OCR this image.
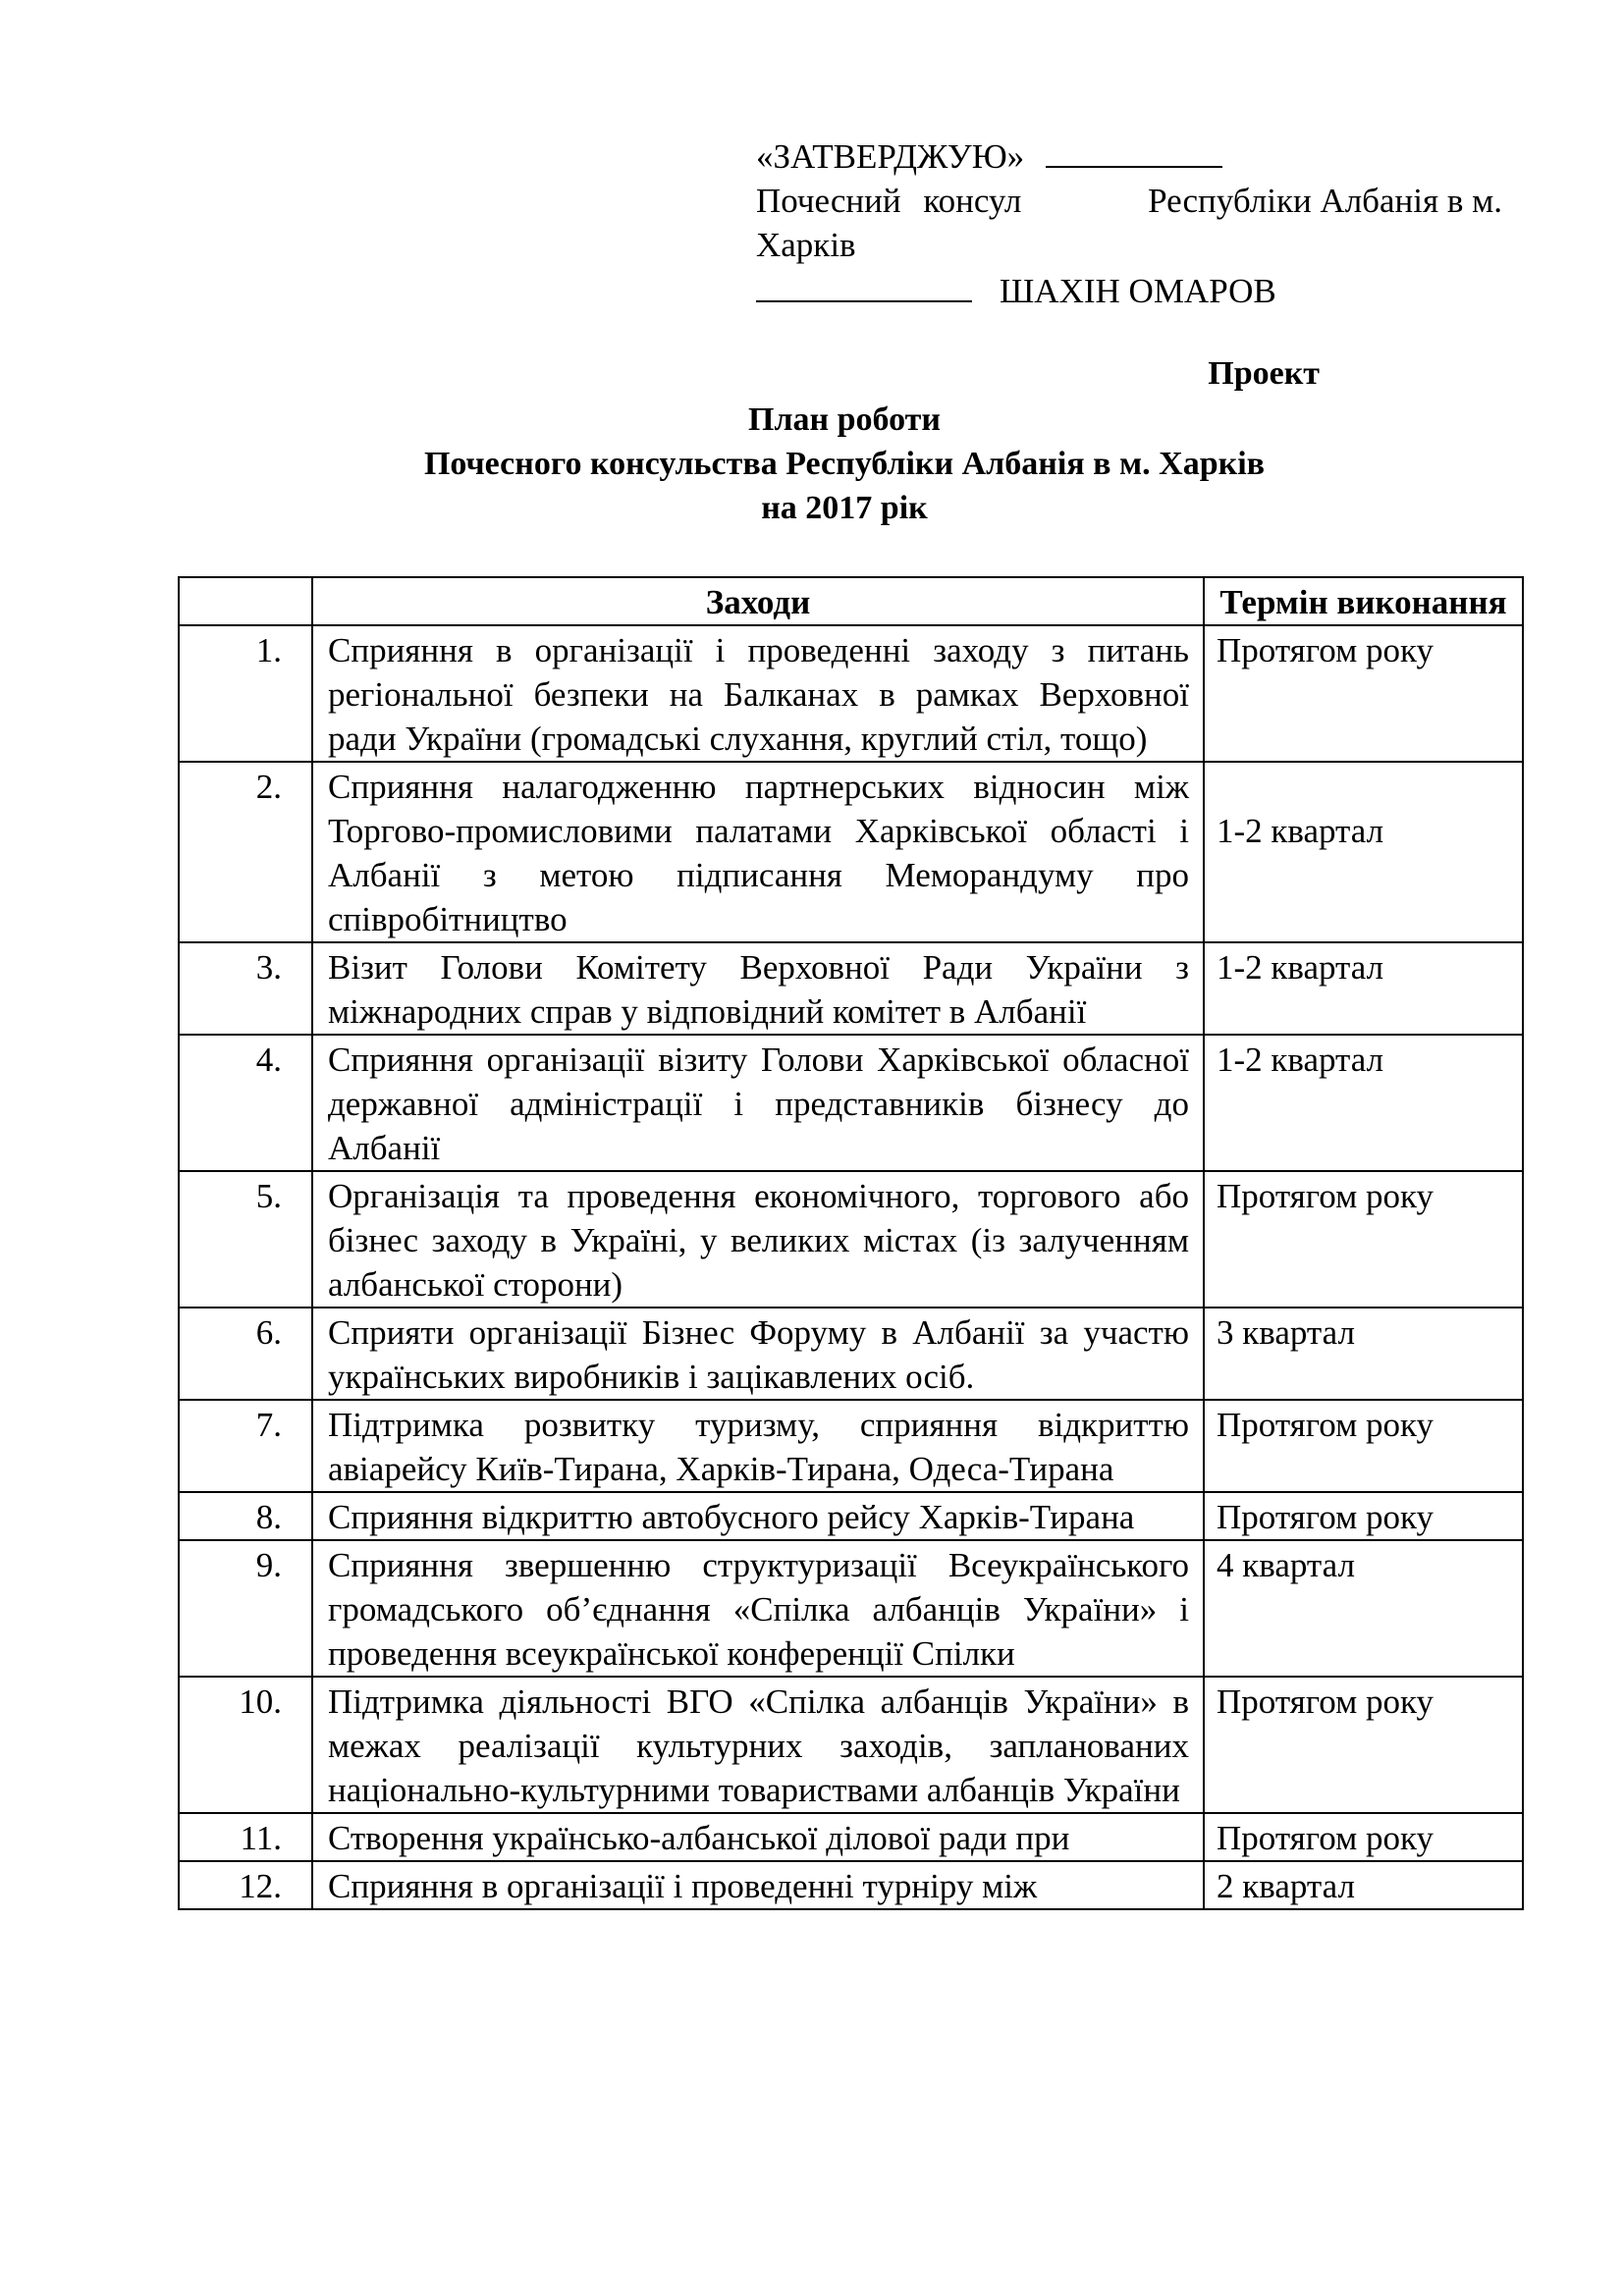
«ЗАТВЕРДЖУЮ»
Почесний консул	Республіки Албанія в м.
Харків
ШАХІН ОМАРОВ
Проект
План роботи
Почесного консульства Республіки Албанія в м. Харків
на 2017 рік
	Заходи	Термін виконання
1.	Сприяння в організації і проведенні заходу з питань регіональної безпеки на Балканах в рамках Верховної ради України (громадські слухання, круглий стіл, тощо)	Протягом року
2.	Сприяння налагодженню партнерських відносин між Торгово-промисловими палатами Харківської області і Албанії з метою підписання Меморандуму про співробітництво	1-2 квартал
3.	Візит Голови Комітету Верховної Ради України з міжнародних справ у відповідний комітет в Албанії	1-2 квартал
4.	Сприяння організації візиту Голови Харківської обласної державної адміністрації і представників бізнесу до Албанії	1-2 квартал
5.	Організація та проведення економічного, торгового або бізнес заходу в Україні, у великих містах (із залученням албанської сторони)	Протягом року
6.	Сприяти організації Бізнес Форуму в Албанії за участю українських виробників і зацікавлених осіб.	3 квартал
7.	Підтримка розвитку туризму, сприяння відкриттю авіарейсу Київ-Тирана, Харків-Тирана, Одеса-Тирана	Протягом року
8.	Сприяння відкриттю автобусного рейсу Харків-Тирана	Протягом року
9.	Сприяння звершенню структуризації Всеукраїнського громадського об’єднання «Спілка албанців України» і проведення всеукраїнської конференції Спілки	4 квартал
10.	Підтримка діяльності ВГО «Спілка албанців України» в межах реалізації культурних заходів, запланованих національно-культурними товариствами албанців України	Протягом року
11.	Створення українсько-албанської ділової ради при	Протягом року
12.	Сприяння в організації і проведенні турніру між	2 квартал
